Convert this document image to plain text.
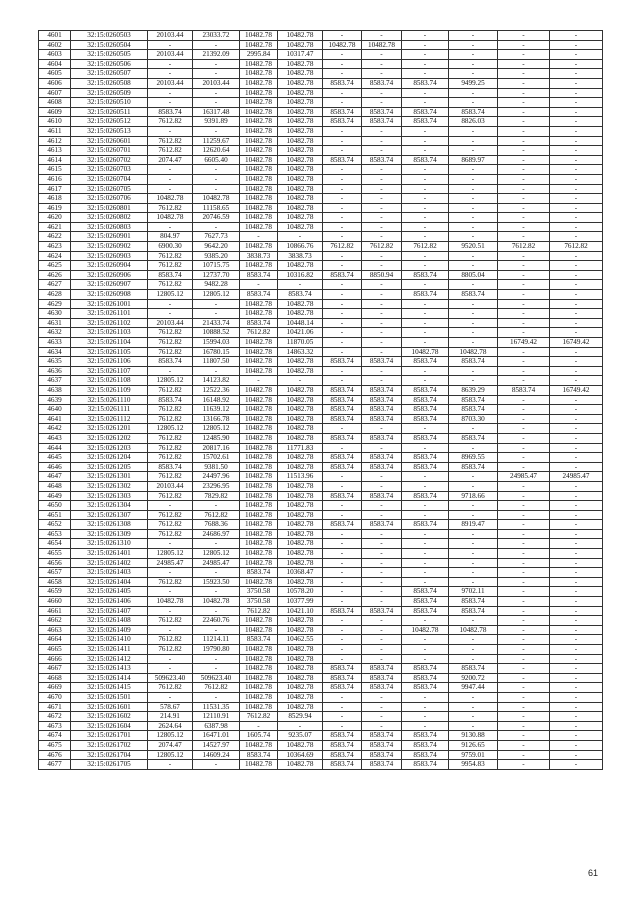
4601	32:15:0260503	20103.44	23033.72	10482.78	10482.78	-	-	-	-	-	-
4602	32:15:0260504	-	-	10482.78	10482.78	10482.78	10482.78	-	-	-	-
4603	32:15:0260505	20103.44	21392.09	2995.84	10317.47	-	-	-	-	-	-
4604	32:15:0260506	-	-	10482.78	10482.78	-	-	-	-	-	-
4605	32:15:0260507	-	-	10482.78	10482.78	-	-	-	-	-	-
4606	32:15:0260508	20103.44	20103.44	10482.78	10482.78	8583.74	8583.74	8583.74	9499.25	-	-
4607	32:15:0260509	-	-	10482.78	10482.78	-	-	-	-	-	-
4608	32:15:0260510	-	-	10482.78	10482.78	-	-	-	-	-	-
4609	32:15:0260511	8583.74	16317.48	10482.78	10482.78	8583.74	8583.74	8583.74	8583.74	-	-
4610	32:15:0260512	7612.82	9391.89	10482.78	10482.78	8583.74	8583.74	8583.74	8826.03	-	-
4611	32:15:0260513	-	-	10482.78	10482.78	-	-	-	-	-	-
4612	32:15:0260601	7612.82	11259.67	10482.78	10482.78	-	-	-	-	-	-
4613	32:15:0260701	7612.82	12620.64	10482.78	10482.78	-	-	-	-	-	-
4614	32:15:0260702	2074.47	6605.40	10482.78	10482.78	8583.74	8583.74	8583.74	8689.97	-	-
4615	32:15:0260703	-	-	10482.78	10482.78	-	-	-	-	-	-
4616	32:15:0260704	-	-	10482.78	10482.78	-	-	-	-	-	-
4617	32:15:0260705	-	-	10482.78	10482.78	-	-	-	-	-	-
4618	32:15:0260706	10482.78	10482.78	10482.78	10482.78	-	-	-	-	-	-
4619	32:15:0260801	7612.82	11158.65	10482.78	10482.78	-	-	-	-	-	-
4620	32:15:0260802	10482.78	20746.59	10482.78	10482.78	-	-	-	-	-	-
4621	32:15:0260803	-	-	10482.78	10482.78	-	-	-	-	-	-
4622	32:15:0260901	804.97	7627.73	-	-	-	-	-	-	-	-
4623	32:15:0260902	6900.30	9642.20	10482.78	10866.76	7612.82	7612.82	7612.82	9520.51	7612.82	7612.82
4624	32:15:0260903	7612.82	9385.20	3838.73	3838.73	-	-	-	-	-	-
4625	32:15:0260904	7612.82	10715.75	10482.78	10482.78	-	-	-	-	-	-
4626	32:15:0260906	8583.74	12737.70	8583.74	10316.82	8583.74	8850.94	8583.74	8805.04	-	-
4627	32:15:0260907	7612.82	9482.28	-	-	-	-	-	-	-	-
4628	32:15:0260908	12805.12	12805.12	8583.74	8583.74	-	-	8583.74	8583.74	-	-
4629	32:15:0261001	-	-	10482.78	10482.78	-	-	-	-	-	-
4630	32:15:0261101	-	-	10482.78	10482.78	-	-	-	-	-	-
4631	32:15:0261102	20103.44	21433.74	8583.74	10448.14	-	-	-	-	-	-
4632	32:15:0261103	7612.82	10888.52	7612.82	10421.06	-	-	-	-	-	-
4633	32:15:0261104	7612.82	15994.03	10482.78	11870.05	-	-	-	-	16749.42	16749.42
4634	32:15:0261105	7612.82	16780.15	10482.78	14863.32	-	-	10482.78	10482.78	-	-
4635	32:15:0261106	8583.74	11807.50	10482.78	10482.78	8583.74	8583.74	8583.74	8583.74	-	-
4636	32:15:0261107	-	-	10482.78	10482.78	-	-	-	-	-	-
4637	32:15:0261108	12805.12	14123.82	-	-	-	-	-	-	-	-
4638	32:15:0261109	7612.82	12522.36	10482.78	10482.78	8583.74	8583.74	8583.74	8639.29	8583.74	16749.42
4639	32:15:0261110	8583.74	16148.92	10482.78	10482.78	8583.74	8583.74	8583.74	8583.74	-	-
4640	32:15:0261111	7612.82	11639.12	10482.78	10482.78	8583.74	8583.74	8583.74	8583.74	-	-
4641	32:15:0261112	7612.82	13166.78	10482.78	10482.78	8583.74	8583.74	8583.74	8703.30	-	-
4642	32:15:0261201	12805.12	12805.12	10482.78	10482.78	-	-	-	-	-	-
4643	32:15:0261202	7612.82	12485.90	10482.78	10482.78	8583.74	8583.74	8583.74	8583.74	-	-
4644	32:15:0261203	7612.82	20817.16	10482.78	11771.83	-	-	-	-	-	-
4645	32:15:0261204	7612.82	15702.61	10482.78	10482.78	8583.74	8583.74	8583.74	8969.55	-	-
4646	32:15:0261205	8583.74	9381.50	10482.78	10482.78	8583.74	8583.74	8583.74	8583.74	-	-
4647	32:15:0261301	7612.82	24497.96	10482.78	11513.96	-	-	-	-	24985.47	24985.47
4648	32:15:0261302	20103.44	23296.95	10482.78	10482.78	-	-	-	-	-	-
4649	32:15:0261303	7612.82	7829.82	10482.78	10482.78	8583.74	8583.74	8583.74	9718.66	-	-
4650	32:15:0261304	-	-	10482.78	10482.78	-	-	-	-	-	-
4651	32:15:0261307	7612.82	7612.82	10482.78	10482.78	-	-	-	-	-	-
4652	32:15:0261308	7612.82	7688.36	10482.78	10482.78	8583.74	8583.74	8583.74	8919.47	-	-
4653	32:15:0261309	7612.82	24686.97	10482.78	10482.78	-	-	-	-	-	-
4654	32:15:0261310	-	-	10482.78	10482.78	-	-	-	-	-	-
4655	32:15:0261401	12805.12	12805.12	10482.78	10482.78	-	-	-	-	-	-
4656	32:15:0261402	24985.47	24985.47	10482.78	10482.78	-	-	-	-	-	-
4657	32:15:0261403	-	-	8583.74	10368.47	-	-	-	-	-	-
4658	32:15:0261404	7612.82	15923.50	10482.78	10482.78	-	-	-	-	-	-
4659	32:15:0261405	-	-	3750.58	10578.20	-	-	8583.74	9702.11	-	-
4660	32:15:0261406	10482.78	10482.78	3750.58	10377.99	-	-	8583.74	8583.74	-	-
4661	32:15:0261407	-	-	7612.82	10421.10	8583.74	8583.74	8583.74	8583.74	-	-
4662	32:15:0261408	7612.82	22460.76	10482.78	10482.78	-	-	-	-	-	-
4663	32:15:0261409	-	-	10482.78	10482.78	-	-	10482.78	10482.78	-	-
4664	32:15:0261410	7612.82	11214.11	8583.74	10462.55	-	-	-	-	-	-
4665	32:15:0261411	7612.82	19790.80	10482.78	10482.78	-	-	-	-	-	-
4666	32:15:0261412	-	-	10482.78	10482.78	-	-	-	-	-	-
4667	32:15:0261413	-	-	10482.78	10482.78	8583.74	8583.74	8583.74	8583.74	-	-
4668	32:15:0261414	509623.40	509623.40	10482.78	10482.78	8583.74	8583.74	8583.74	9200.72	-	-
4669	32:15:0261415	7612.82	7612.82	10482.78	10482.78	8583.74	8583.74	8583.74	9947.44	-	-
4670	32:15:0261501	-	-	10482.78	10482.78	-	-	-	-	-	-
4671	32:15:0261601	578.67	11531.35	10482.78	10482.78	-	-	-	-	-	-
4672	32:15:0261602	214.91	12110.91	7612.82	8529.94	-	-	-	-	-	-
4673	32:15:0261604	2624.64	6387.98	-	-	-	-	-	-	-	-
4674	32:15:0261701	12805.12	16471.01	1605.74	9235.07	8583.74	8583.74	8583.74	9130.88	-	-
4675	32:15:0261702	2074.47	14527.97	10482.78	10482.78	8583.74	8583.74	8583.74	9126.65	-	-
4676	32:15:0261704	12805.12	14609.24	8583.74	10364.69	8583.74	8583.74	8583.74	9759.01	-	-
4677	32:15:0261705	-	-	10482.78	10482.78	8583.74	8583.74	8583.74	9954.83	-	-
61
